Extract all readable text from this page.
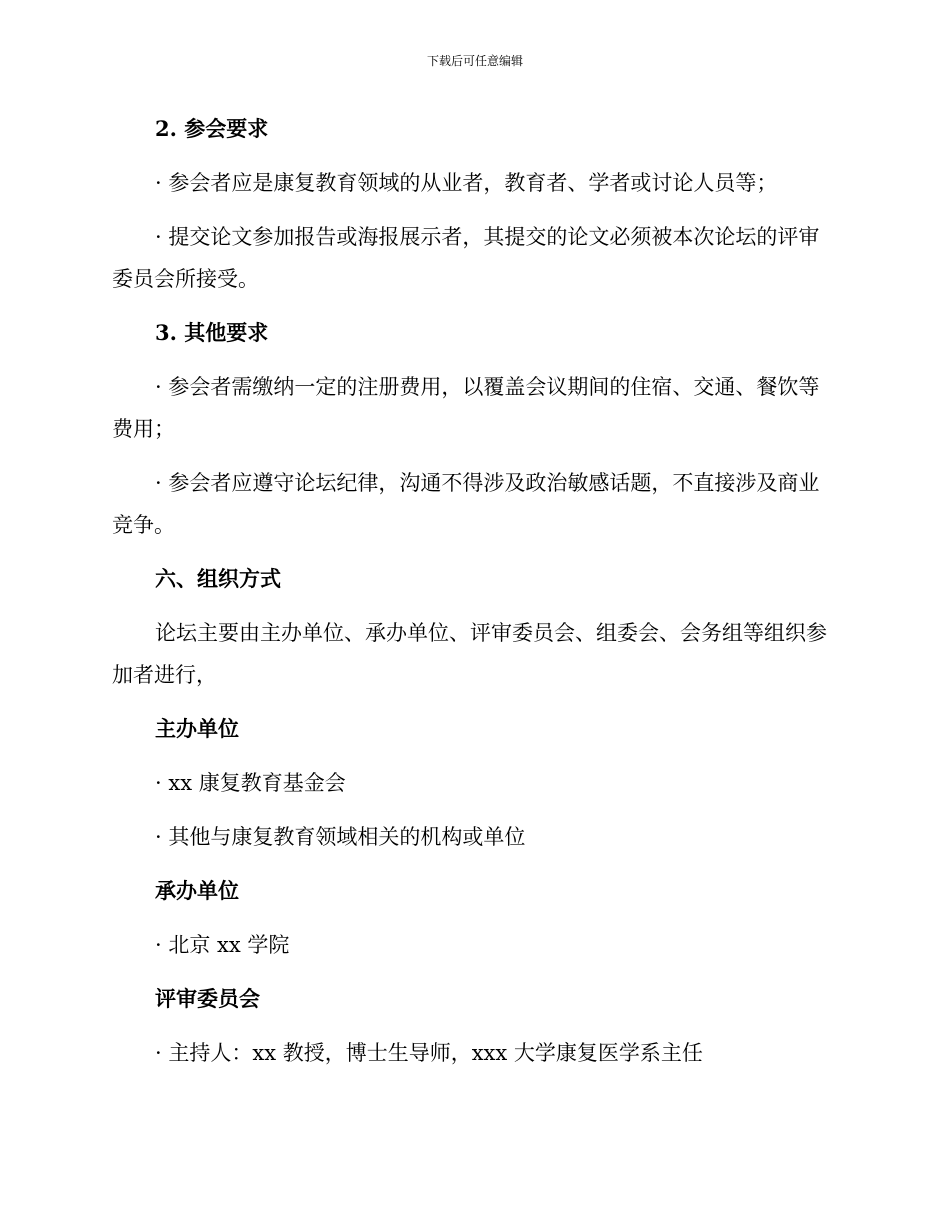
下载后可任意编辑

2. 参会要求

· 参会者应是康复教育领域的从业者，教育者、学者或讨论人员等；

· 提交论文参加报告或海报展示者，其提交的论文必须被本次论坛的评审委员会所接受。

3. 其他要求

· 参会者需缴纳一定的注册费用，以覆盖会议期间的住宿、交通、餐饮等费用；

· 参会者应遵守论坛纪律，沟通不得涉及政治敏感话题，不直接涉及商业竞争。

六、组织方式

论坛主要由主办单位、承办单位、评审委员会、组委会、会务组等组织参加者进行，

主办单位

· xx 康复教育基金会

· 其他与康复教育领域相关的机构或单位

承办单位

· 北京 xx 学院

评审委员会

· 主持人：xx 教授，博士生导师，xxx 大学康复医学系主任
